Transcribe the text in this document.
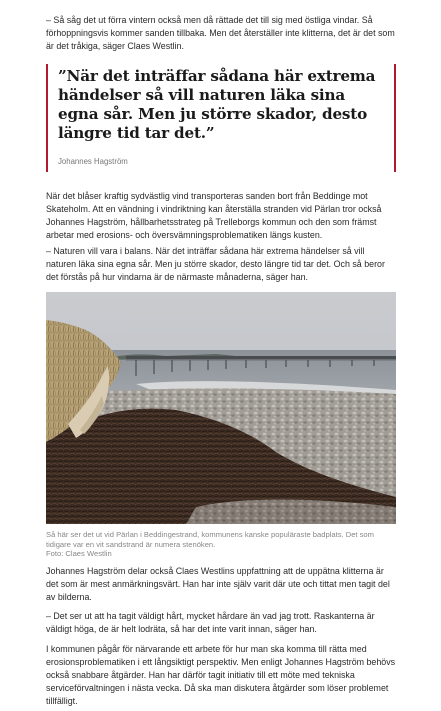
– Så såg det ut förra vintern också men då rättade det till sig med östliga vindar. Så förhoppningsvis kommer sanden tillbaka. Men det återställer inte klitterna, det är det som är det tråkiga, säger Claes Westlin.

”När det inträffar sådana här extrema händelser så vill naturen läka sina egna sår. Men ju större skador, desto längre tid tar det.”

Johannes Hagström

När det blåser kraftig sydvästlig vind transporteras sanden bort från Beddinge mot Skateholm. Att en vändning i vindriktning kan återställa stranden vid Pärlan tror också Johannes Hagström, hållbarhetsstrateg på Trelleborgs kommun och den som främst arbetar med erosions- och översvämningsproblematiken längs kusten.

– Naturen vill vara i balans. När det inträffar sådana här extrema händelser så vill naturen läka sina egna sår. Men ju större skador, desto längre tid tar det. Och så beror det förstås på hur vindarna är de närmaste månaderna, säger han.

Så här ser det ut vid Pärlan i Beddingestrand, kommunens kanske populäraste badplats. Det som tidigare var en vit sandstrand är numera stenöken.
Foto: Claes Westlin

Johannes Hagström delar också Claes Westlins uppfattning att de uppätna klitterna är det som är mest anmärkningsvärt. Han har inte själv varit där ute och tittat men tagit del av bilderna.

– Det ser ut att ha tagit väldigt hårt, mycket hårdare än vad jag trott. Raskanterna är väldigt höga, de är helt lodräta, så har det inte varit innan, säger han.

I kommunen pågår för närvarande ett arbete för hur man ska komma till rätta med erosionsproblematiken i ett långsiktigt perspektiv. Men enligt Johannes Hagström behövs också snabbare åtgärder. Han har därför tagit initiativ till ett möte med tekniska serviceförvaltningen i nästa vecka. Då ska man diskutera åtgärder som löser problemet tillfälligt.
